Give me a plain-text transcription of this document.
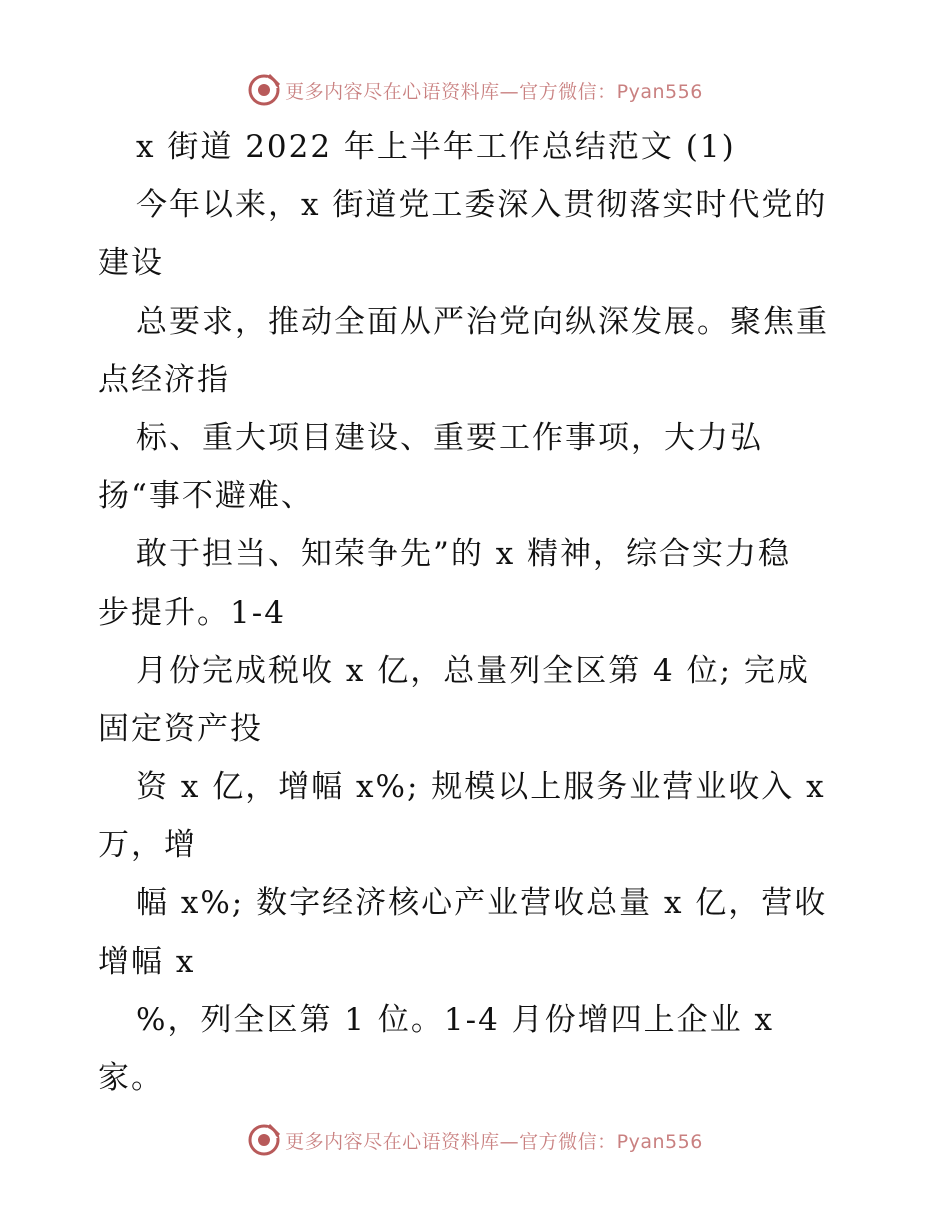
更多内容尽在心语资料库—官方微信：Pyan556
x 街道 2022 年上半年工作总结范文 (1)
今年以来，x 街道党工委深入贯彻落实时代党的
建设
总要求，推动全面从严治党向纵深发展。聚焦重
点经济指
标、重大项目建设、重要工作事项，大力弘
扬“事不避难、
敢于担当、知荣争先”的 x 精神，综合实力稳
步提升。1-4
月份完成税收 x 亿，总量列全区第 4 位; 完成
固定资产投
资 x 亿，增幅 x%; 规模以上服务业营业收入 x
万，增
幅 x%; 数字经济核心产业营收总量 x 亿，营收
增幅 x
%，列全区第 1 位。1-4 月份增四上企业 x
家。
更多内容尽在心语资料库—官方微信：Pyan556
